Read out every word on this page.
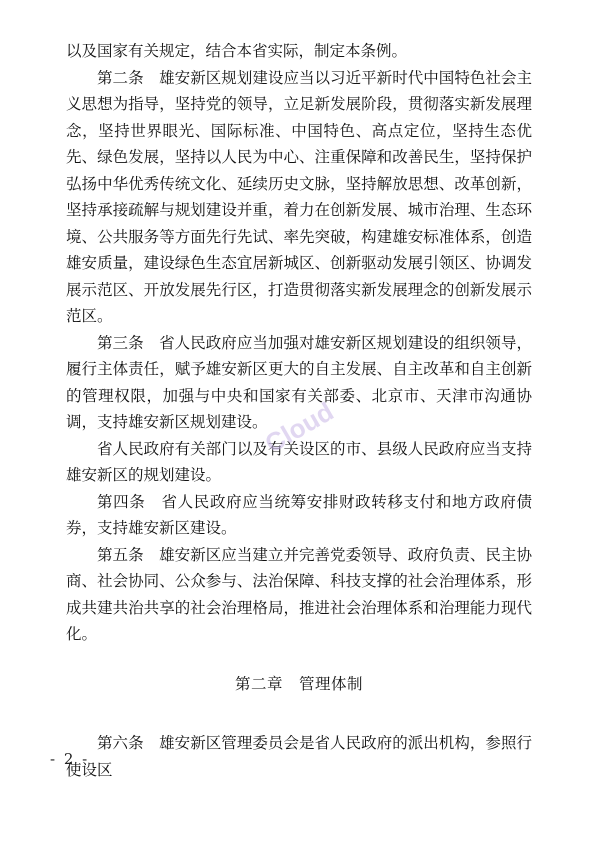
以及国家有关规定，结合本省实际，制定本条例。

第二条　雄安新区规划建设应当以习近平新时代中国特色社会主义思想为指导，坚持党的领导，立足新发展阶段，贯彻落实新发展理念，坚持世界眼光、国际标准、中国特色、高点定位，坚持生态优先、绿色发展，坚持以人民为中心、注重保障和改善民生，坚持保护弘扬中华优秀传统文化、延续历史文脉，坚持解放思想、改革创新，坚持承接疏解与规划建设并重，着力在创新发展、城市治理、生态环境、公共服务等方面先行先试、率先突破，构建雄安标准体系，创造雄安质量，建设绿色生态宜居新城区、创新驱动发展引领区、协调发展示范区、开放发展先行区，打造贯彻落实新发展理念的创新发展示范区。

第三条　省人民政府应当加强对雄安新区规划建设的组织领导，履行主体责任，赋予雄安新区更大的自主发展、自主改革和自主创新的管理权限，加强与中央和国家有关部委、北京市、天津市沟通协调，支持雄安新区规划建设。

省人民政府有关部门以及有关设区的市、县级人民政府应当支持雄安新区的规划建设。

第四条　省人民政府应当统筹安排财政转移支付和地方政府债券，支持雄安新区建设。

第五条　雄安新区应当建立并完善党委领导、政府负责、民主协商、社会协同、公众参与、法治保障、科技支撑的社会治理体系，形成共建共治共享的社会治理格局，推进社会治理体系和治理能力现代化。

第二章　管理体制

第六条　雄安新区管理委员会是省人民政府的派出机构，参照行使设区

Cloud
- 2 -
